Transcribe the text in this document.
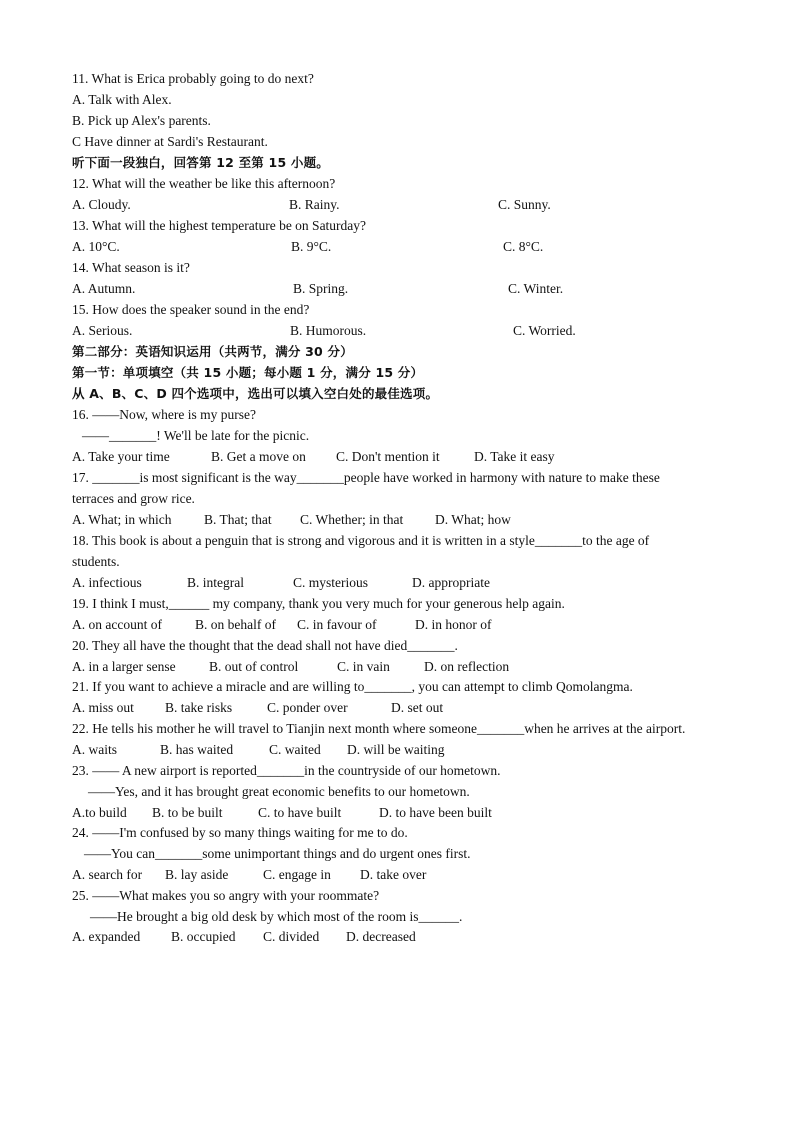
11. What is Erica probably going to do next?
A. Talk with Alex.
B. Pick up Alex's parents.
C Have dinner at Sardi's Restaurant.
听下面一段独白，回答第 12 至第 15 小题。
12. What will the weather be like this afternoon?
A. Cloudy.	B. Rainy.	C. Sunny.
13. What will the highest temperature be on Saturday?
A. 10°C.	B. 9°C.	C. 8°C.
14. What season is it?
A. Autumn.	B. Spring.	C. Winter.
15. How does the speaker sound in the end?
A. Serious.	B. Humorous.	C. Worried.
第二部分：英语知识运用（共两节，满分 30 分）
第一节：单项填空（共 15 小题；每小题 1 分，满分 15 分）
从 A、B、C、D 四个选项中，选出可以填入空白处的最佳选项。
16. ——Now, where is my purse?
——_______! We'll be late for the picnic.
A. Take your time	B. Get a move on C. Don't mention it	D. Take it easy
17. _______is most significant is the way_______people have worked in harmony with nature to make these
terraces and grow rice.
A. What; in which B. That; that C. Whether; in that D. What; how
18. This book is about a penguin that is strong and vigorous and it is written in a style_______to the age of
students.
A. infectious	B. integral	C. mysterious	D. appropriate
19. I think I must,______ my company, thank you very much for your generous help again.
A. on account of B. on behalf of C. in favour of	D. in honor of
20. They all have the thought that the dead shall not have died_______.
A. in a larger sense B. out of control	C. in vain	D. on reflection
21. If you want to achieve a miracle and are willing to_______, you can attempt to climb Qomolangma.
A. miss out B. take risks	C. ponder over	D. set out
22. He tells his mother he will travel to Tianjin next month where someone_______when he arrives at the airport.
A. waits	B. has waited	C. waited D. will be waiting
23. —— A new airport is reported_______in the countryside of our hometown.
——Yes, and it has brought great economic benefits to our hometown.
A.to build B. to be built	C. to have built	D. to have been built
24. ——I'm confused by so many things waiting for me to do.
——You can_______some unimportant things and do urgent ones first.
A. search for B. lay aside	C. engage in D. take over
25. ——What makes you so angry with your roommate?
——He brought a big old desk by which most of the room is______.
A. expanded B. occupied C. divided D. decreased
